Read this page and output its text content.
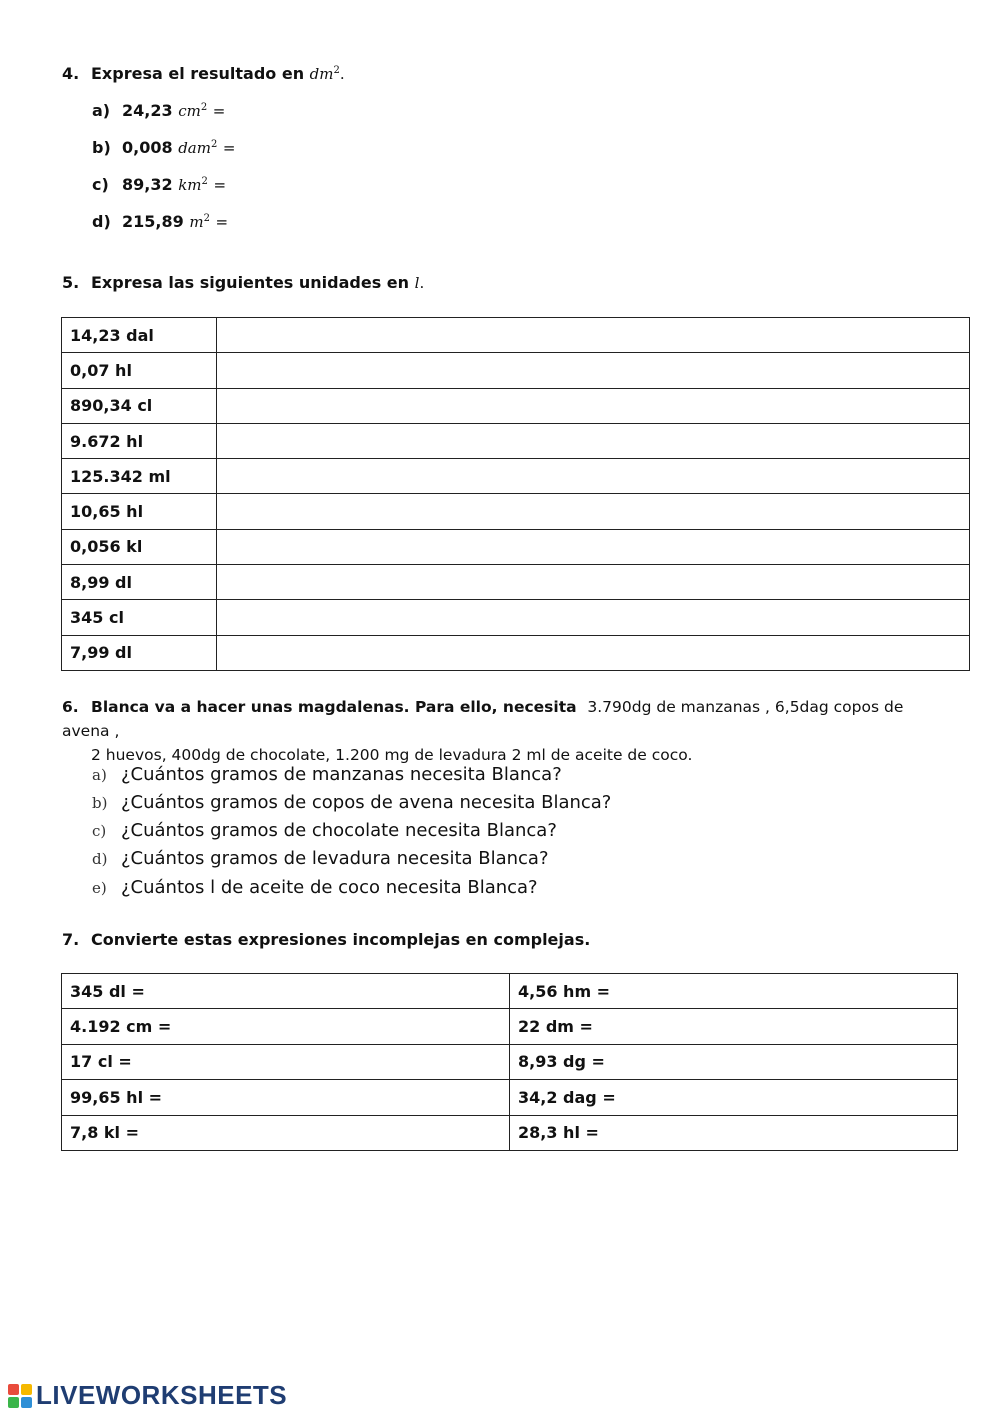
4. Expresa el resultado en $dm^2$.
a) 24,23 $cm^2$ =
b) 0,008 dam$^2$ =
c) 89,32 $km^2$ =
d) 215,89 $m^2$ =
5. Expresa las siguientes unidades en l.
14,23 dal	
0,07 hl	
890,34 cl	
9.672 hl	
125.342 ml	
10,65 hl	
0,056 kl	
8,99 dl	
345 cl	
7,99 dl	
6. Blanca va a hacer unas magdalenas. Para ello, necesita 3.790dg de manzanas , 6,5dag copos de avena ,
2 huevos, 400dg de chocolate, 1.200 mg de levadura 2 ml de aceite de coco.
a) ¿Cuántos gramos de manzanas necesita Blanca?
b) ¿Cuántos gramos de copos de avena necesita Blanca?
c) ¿Cuántos gramos de chocolate necesita Blanca?
d) ¿Cuántos gramos de levadura necesita Blanca?
e) ¿Cuántos l de aceite de coco necesita Blanca?
7. Convierte estas expresiones incomplejas en complejas.
345 dl =	4,56 hm =
4.192 cm =	22 dm =
17 cl =	8,93 dg =
99,65 hl =	34,2 dag =
7,8 kl =	28,3 hl =
LIVEWORKSHEETS
